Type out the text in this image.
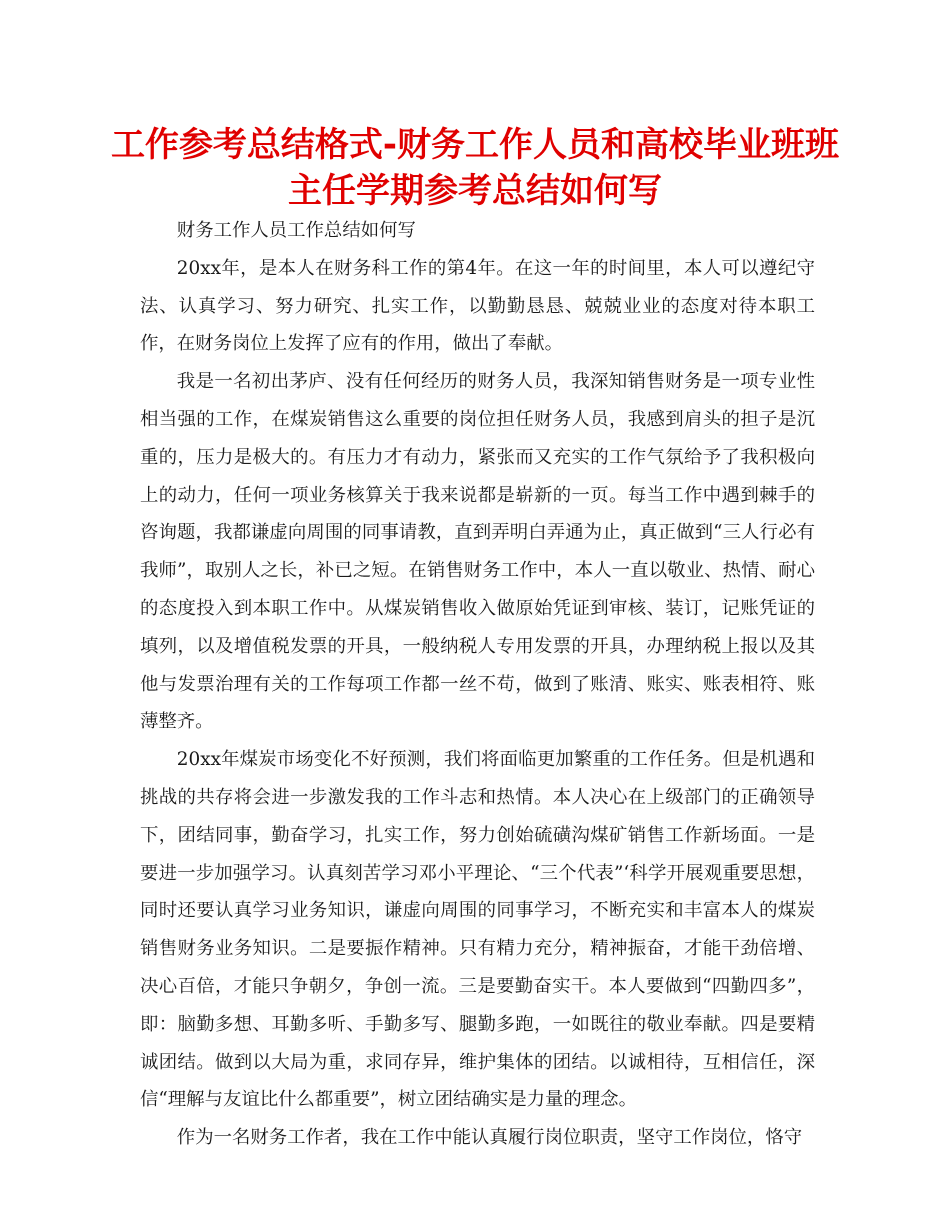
工作参考总结格式-财务工作人员和高校毕业班班主任学期参考总结如何写

财务工作人员工作总结如何写

20xx年，是本人在财务科工作的第4年。在这一年的时间里，本人可以遵纪守法、认真学习、努力研究、扎实工作，以勤勤恳恳、兢兢业业的态度对待本职工作，在财务岗位上发挥了应有的作用，做出了奉献。

我是一名初出茅庐、没有任何经历的财务人员，我深知销售财务是一项专业性相当强的工作，在煤炭销售这么重要的岗位担任财务人员，我感到肩头的担子是沉重的，压力是极大的。有压力才有动力，紧张而又充实的工作气氛给予了我积极向上的动力，任何一项业务核算关于我来说都是崭新的一页。每当工作中遇到棘手的咨询题，我都谦虚向周围的同事请教，直到弄明白弄通为止，真正做到“三人行必有我师”，取别人之长，补已之短。在销售财务工作中，本人一直以敬业、热情、耐心的态度投入到本职工作中。从煤炭销售收入做原始凭证到审核、装订，记账凭证的填列，以及增值税发票的开具，一般纳税人专用发票的开具，办理纳税上报以及其他与发票治理有关的工作每项工作都一丝不苟，做到了账清、账实、账表相符、账薄整齐。

20xx年煤炭市场变化不好预测，我们将面临更加繁重的工作任务。但是机遇和挑战的共存将会进一步激发我的工作斗志和热情。本人决心在上级部门的正确领导下，团结同事，勤奋学习，扎实工作，努力创始硫磺沟煤矿销售工作新场面。一是要进一步加强学习。认真刻苦学习邓小平理论、“三个代表”‘科学开展观重要思想，同时还要认真学习业务知识，谦虚向周围的同事学习，不断充实和丰富本人的煤炭销售财务业务知识。二是要振作精神。只有精力充分，精神振奋，才能干劲倍增、决心百倍，才能只争朝夕，争创一流。三是要勤奋实干。本人要做到“四勤四多”，即：脑勤多想、耳勤多听、手勤多写、腿勤多跑，一如既往的敬业奉献。四是要精诚团结。做到以大局为重，求同存异，维护集体的团结。以诚相待，互相信任，深信“理解与友谊比什么都重要”，树立团结确实是力量的理念。

作为一名财务工作者，我在工作中能认真履行岗位职责，坚守工作岗位，恪守
